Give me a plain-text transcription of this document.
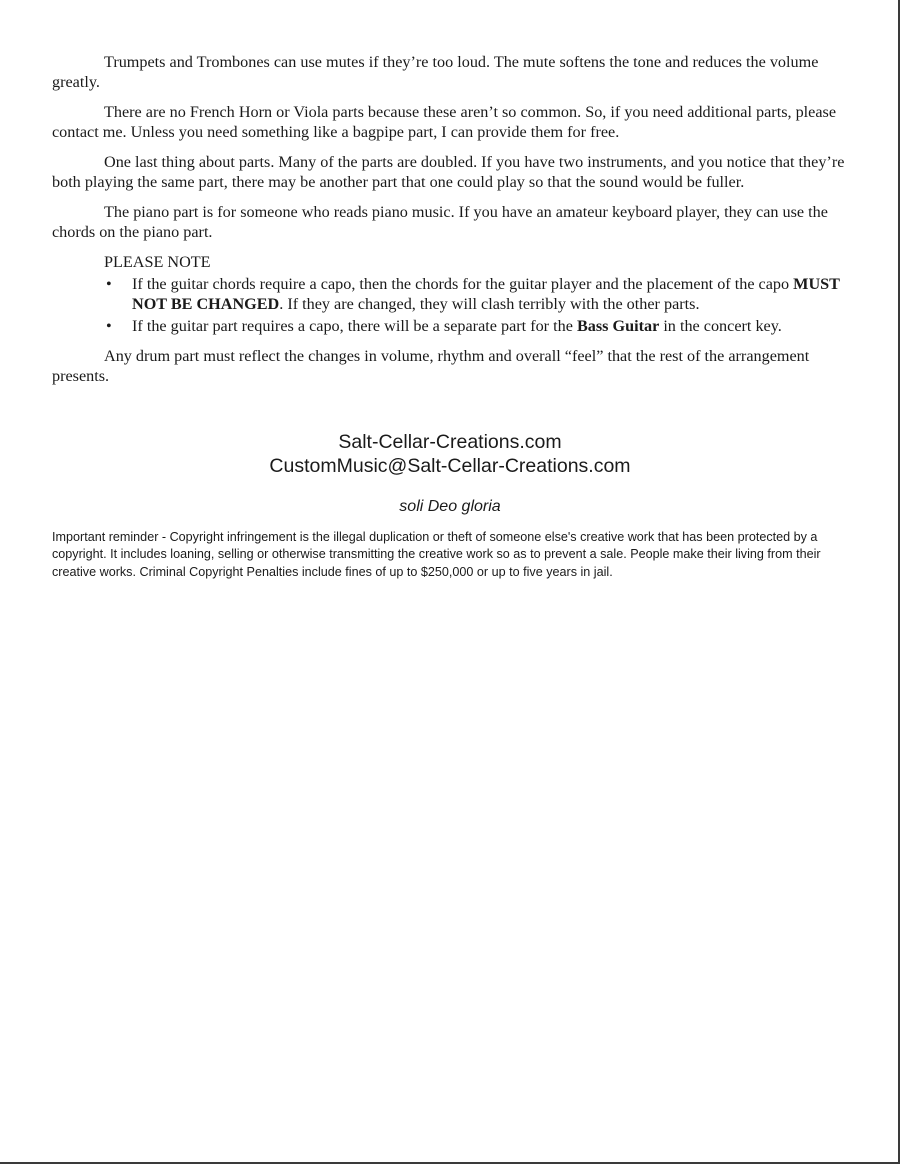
Trumpets and Trombones can use mutes if they’re too loud. The mute softens the tone and reduces the volume greatly.

There are no French Horn or Viola parts because these aren’t so common. So, if you need additional parts, please contact me. Unless you need something like a bagpipe part, I can provide them for free.

One last thing about parts. Many of the parts are doubled. If you have two instruments, and you notice that they’re both playing the same part, there may be another part that one could play so that the sound would be fuller.

The piano part is for someone who reads piano music. If you have an amateur keyboard player, they can use the chords on the piano part.

PLEASE NOTE

• If the guitar chords require a capo, then the chords for the guitar player and the placement of the capo MUST NOT BE CHANGED. If they are changed, they will clash terribly with the other parts.
• If the guitar part requires a capo, there will be a separate part for the Bass Guitar in the concert key.

Any drum part must reflect the changes in volume, rhythm and overall “feel” that the rest of the arrangement presents.

Salt-Cellar-Creations.com
CustomMusic@Salt-Cellar-Creations.com
soli Deo gloria

Important reminder - Copyright infringement is the illegal duplication or theft of someone else's creative work that has been protected by a copyright. It includes loaning, selling or otherwise transmitting the creative work so as to prevent a sale. People make their living from their creative works. Criminal Copyright Penalties include fines of up to $250,000 or up to five years in jail.
